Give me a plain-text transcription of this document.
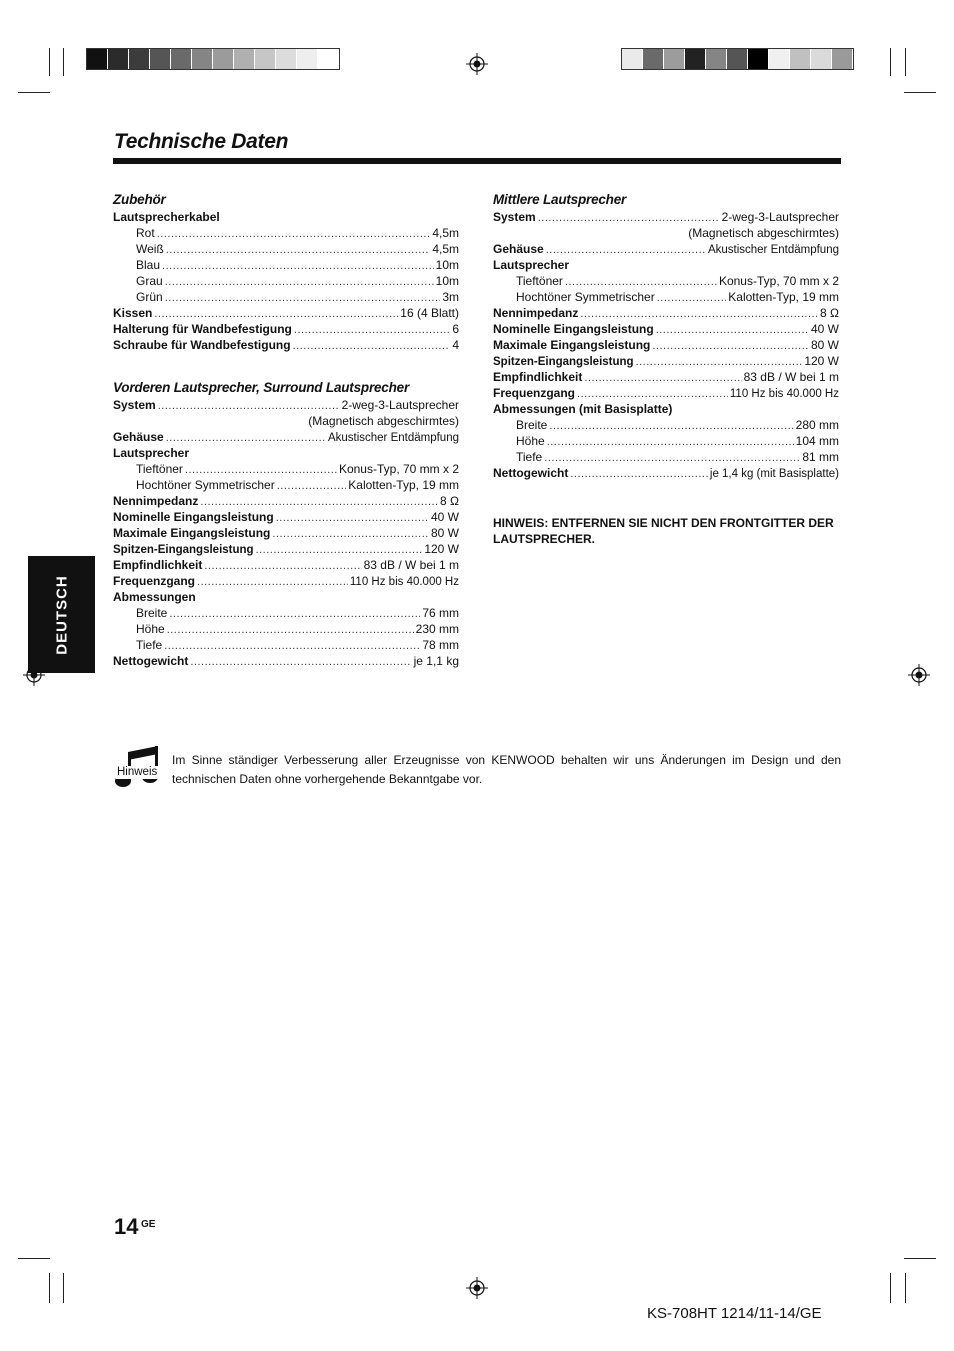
Technische Daten
DEUTSCH
Zubehör
Lautsprecherkabel
Rot .....	4,5m
Weiß .....	4,5m
Blau .....	10m
Grau .....	10m
Grün .....	3m
Kissen .....	16 (4 Blatt)
Halterung für Wandbefestigung .....	6
Schraube für Wandbefestigung .....	4
Vorderen Lautsprecher, Surround Lautsprecher
System .....	2-weg-3-Lautsprecher
(Magnetisch abgeschirmtes)
Gehäuse .....	Akustischer Entdämpfung
Lautsprecher
Tieftöner .....	Konus-Typ, 70 mm x 2
Hochtöner Symmetrischer .....	Kalotten-Typ, 19 mm
Nennimpedanz .....	8 Ω
Nominelle Eingangsleistung .....	40 W
Maximale Eingangsleistung .....	80 W
Spitzen-Eingangsleistung .....	120 W
Empfindlichkeit .....	83 dB / W bei 1 m
Frequenzgang .....	110 Hz bis 40.000 Hz
Abmessungen
Breite .....	76 mm
Höhe .....	230 mm
Tiefe .....	78 mm
Nettogewicht .....	je 1,1 kg
Mittlere Lautsprecher
System .....	2-weg-3-Lautsprecher
(Magnetisch abgeschirmtes)
Gehäuse .....	Akustischer Entdämpfung
Lautsprecher
Tieftöner .....	Konus-Typ, 70 mm x 2
Hochtöner Symmetrischer .....	Kalotten-Typ, 19 mm
Nennimpedanz .....	8 Ω
Nominelle Eingangsleistung .....	40 W
Maximale Eingangsleistung .....	80 W
Spitzen-Eingangsleistung .....	120 W
Empfindlichkeit .....	83 dB / W bei 1 m
Frequenzgang .....	110 Hz bis 40.000 Hz
Abmessungen (mit Basisplatte)
Breite .....	280 mm
Höhe .....	104 mm
Tiefe .....	81 mm
Nettogewicht .....	je 1,4 kg (mit Basisplatte)
HINWEIS: ENTFERNEN SIE NICHT DEN FRONTGITTER DER LAUTSPRECHER.
Hinweis
Im Sinne ständiger Verbesserung aller Erzeugnisse von KENWOOD behalten wir uns Änderungen im Design und den technischen Daten ohne vorhergehende Bekanntgabe vor.
14 GE
KS-708HT 1214/11-14/GE
